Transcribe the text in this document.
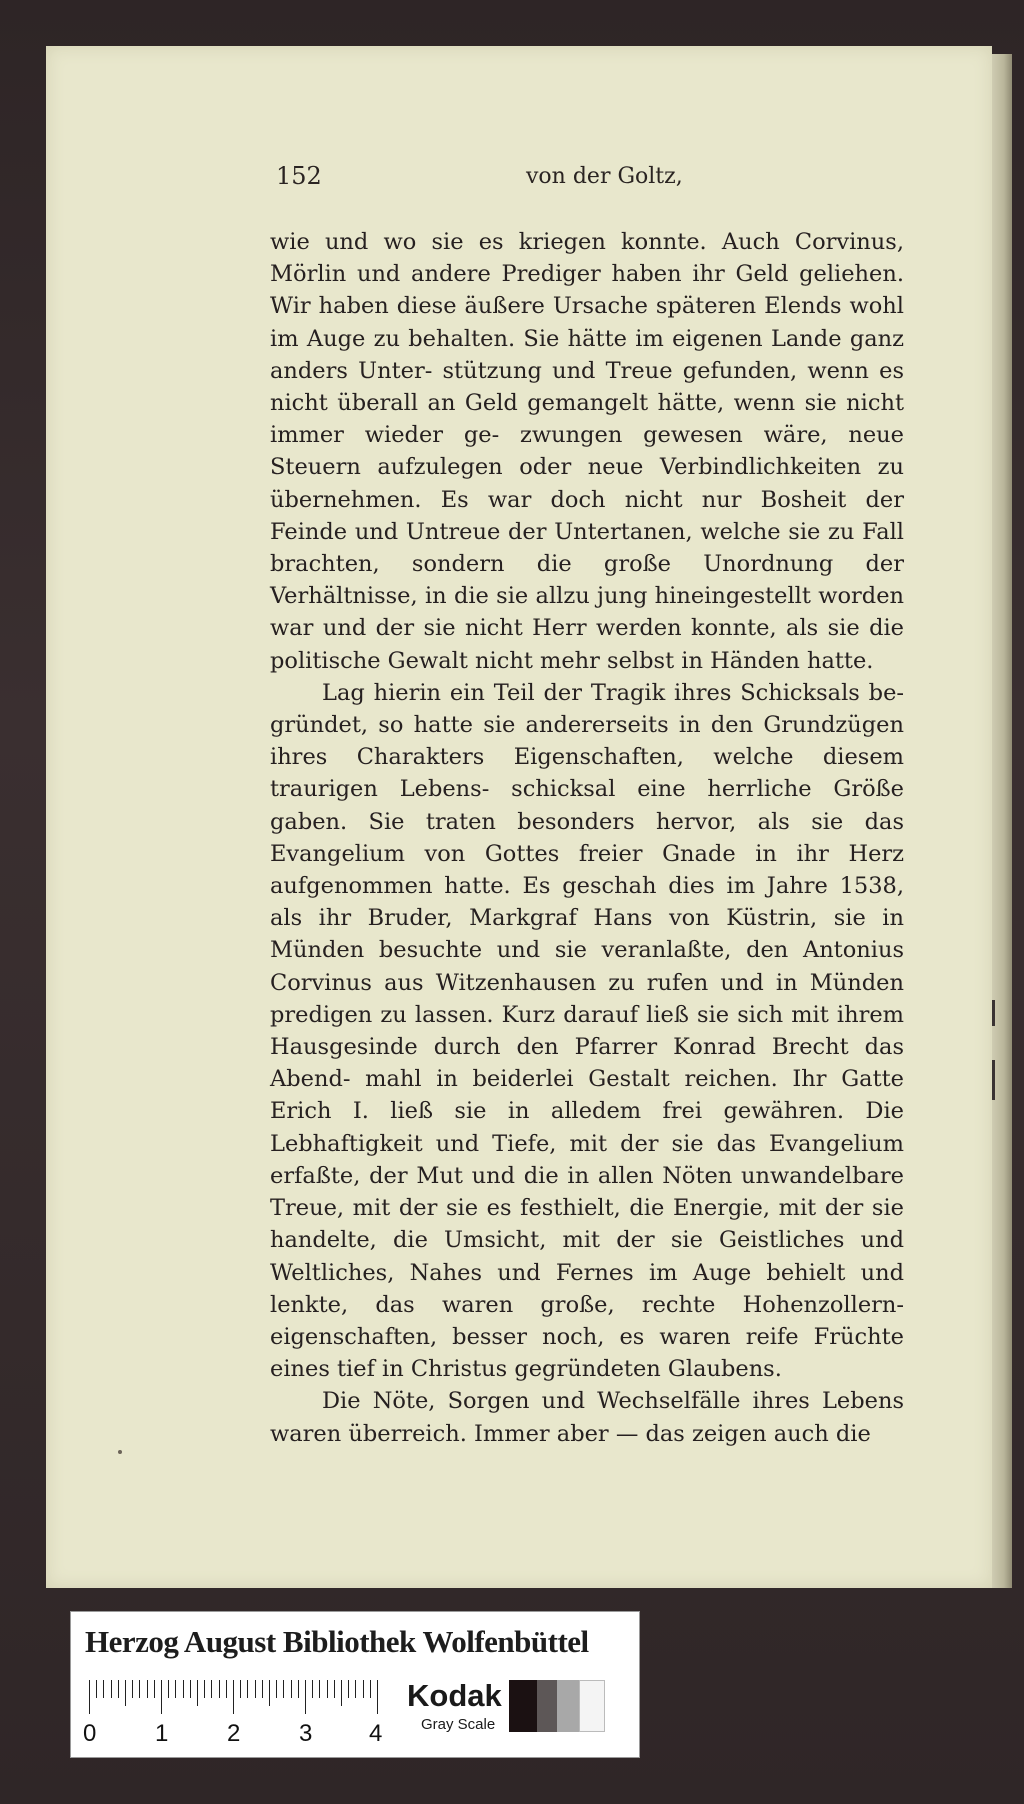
152	von der Goltz,

wie und wo sie es kriegen konnte. Auch Corvinus, Mörlin und andere Prediger haben ihr Geld geliehen. Wir haben diese äußere Ursache späteren Elends wohl im Auge zu behalten. Sie hätte im eigenen Lande ganz anders Unter- stützung und Treue gefunden, wenn es nicht überall an Geld gemangelt hätte, wenn sie nicht immer wieder ge- zwungen gewesen wäre, neue Steuern aufzulegen oder neue Verbindlichkeiten zu übernehmen. Es war doch nicht nur Bosheit der Feinde und Untreue der Untertanen, welche sie zu Fall brachten, sondern die große Unordnung der Verhältnisse, in die sie allzu jung hineingestellt worden war und der sie nicht Herr werden konnte, als sie die politische Gewalt nicht mehr selbst in Händen hatte.

Lag hierin ein Teil der Tragik ihres Schicksals be- gründet, so hatte sie andererseits in den Grundzügen ihres Charakters Eigenschaften, welche diesem traurigen Lebens- schicksal eine herrliche Größe gaben. Sie traten besonders hervor, als sie das Evangelium von Gottes freier Gnade in ihr Herz aufgenommen hatte. Es geschah dies im Jahre 1538, als ihr Bruder, Markgraf Hans von Küstrin, sie in Münden besuchte und sie veranlaßte, den Antonius Corvinus aus Witzenhausen zu rufen und in Münden predigen zu lassen. Kurz darauf ließ sie sich mit ihrem Hausgesinde durch den Pfarrer Konrad Brecht das Abend- mahl in beiderlei Gestalt reichen. Ihr Gatte Erich I. ließ sie in alledem frei gewähren. Die Lebhaftigkeit und Tiefe, mit der sie das Evangelium erfaßte, der Mut und die in allen Nöten unwandelbare Treue, mit der sie es festhielt, die Energie, mit der sie handelte, die Umsicht, mit der sie Geistliches und Weltliches, Nahes und Fernes im Auge behielt und lenkte, das waren große, rechte Hohenzollern- eigenschaften, besser noch, es waren reife Früchte eines tief in Christus gegründeten Glaubens.

Die Nöte, Sorgen und Wechselfälle ihres Lebens waren überreich. Immer aber — das zeigen auch die

Herzog August Bibliothek Wolfenbüttel
0 1 2 3 4
Kodak
Gray Scale
